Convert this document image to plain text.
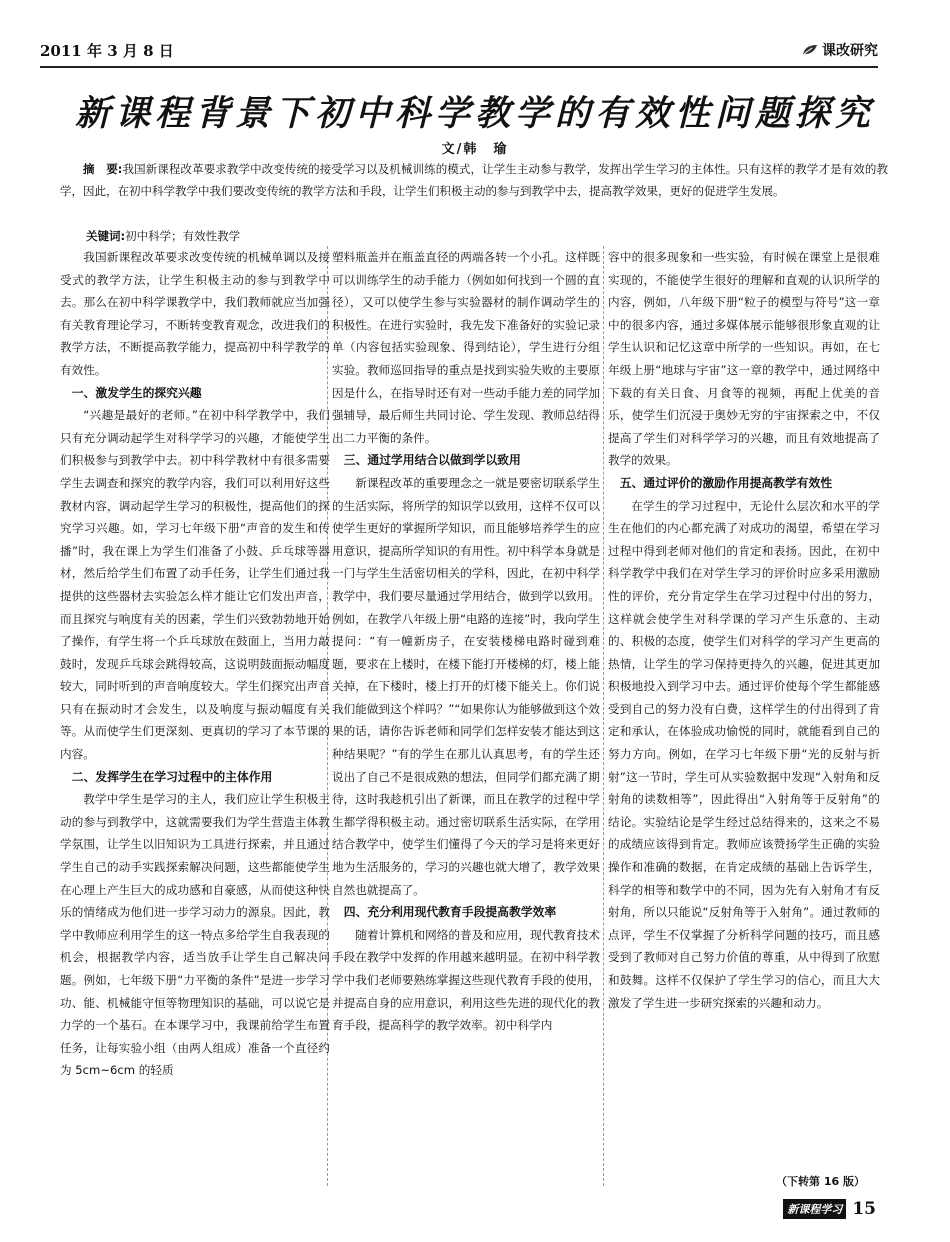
2011 年 3 月 8 日	课改研究
新课程背景下初中科学教学的有效性问题探究
文/韩　瑜
摘　要:我国新课程改革要求教学中改变传统的接受学习以及机械训练的模式，让学生主动参与教学，发挥出学生学习的主体性。只有这样的教学才是有效的教学，因此，在初中科学教学中我们要改变传统的教学方法和手段，让学生们积极主动的参与到教学中去，提高教学效果，更好的促进学生发展。
关键词:初中科学；有效性教学

我国新课程改革要求改变传统的机械单调以及接受式的教学方法，让学生积极主动的参与到教学中去。那么在初中科学课教学中，我们教师就应当加强有关教育理论学习，不断转变教育观念，改进我们的教学方法，不断提高教学能力，提高初中科学教学的有效性。

一、激发学生的探究兴趣

“兴趣是最好的老师。”在初中科学教学中，我们只有充分调动起学生对科学学习的兴趣，才能使学生们积极参与到教学中去。初中科学教材中有很多需要学生去调查和探究的教学内容，我们可以利用好这些教材内容，调动起学生学习的积极性，提高他们的探究学习兴趣。如，学习七年级下册“声音的发生和传播”时，我在课上为学生们准备了小鼓、乒乓球等器材，然后给学生们布置了动手任务，让学生们通过我提供的这些器材去实验怎么样才能让它们发出声音，而且探究与响度有关的因素，学生们兴致勃勃地开始了操作，有学生将一个乒乓球放在鼓面上，当用力敲鼓时，发现乒乓球会跳得较高，这说明鼓面振动幅度较大，同时听到的声音响度较大。学生们探究出声音只有在振动时才会发生，以及响度与振动幅度有关等。从而使学生们更深刻、更真切的学习了本节课的内容。

二、发挥学生在学习过程中的主体作用

教学中学生是学习的主人，我们应让学生积极主动的参与到教学中，这就需要我们为学生营造主体教学氛围，让学生以旧知识为工具进行探索，并且通过学生自己的动手实践探索解决问题，这些都能使学生在心理上产生巨大的成功感和自豪感，从而使这种快乐的情绪成为他们进一步学习动力的源泉。因此，教学中教师应利用学生的这一特点多给学生自我表现的机会，根据教学内容，适当放手让学生自己解决问题。例如，七年级下册“力平衡的条件”是进一步学习功、能、机械能守恒等物理知识的基础，可以说它是力学的一个基石。在本课学习中，我课前给学生布置任务，让每实验小组（由两人组成）准备一个直径约为 5cm~6cm 的轻质

塑料瓶盖并在瓶盖直径的两端各转一个小孔。这样既可以训练学生的动手能力（例如如何找到一个圆的直径），又可以使学生参与实验器材的制作调动学生的积极性。在进行实验时，我先发下准备好的实验记录单（内容包括实验现象、得到结论），学生进行分组实验。教师巡回指导的重点是找到实验失败的主要原因是什么，在指导时还有对一些动手能力差的同学加强辅导，最后师生共同讨论、学生发现、教师总结得出二力平衡的条件。

三、通过学用结合以做到学以致用

新课程改革的重要理念之一就是要密切联系学生的生活实际，将所学的知识学以致用，这样不仅可以使学生更好的掌握所学知识，而且能够培养学生的应用意识，提高所学知识的有用性。初中科学本身就是一门与学生生活密切相关的学科，因此，在初中科学教学中，我们要尽量通过学用结合，做到学以致用。例如，在教学八年级上册“电路的连接”时，我向学生提问：“有一幢新房子，在安装楼梯电路时碰到难题，要求在上楼时，在楼下能打开楼梯的灯，楼上能关掉，在下楼时，楼上打开的灯楼下能关上。你们说我们能做到这个样吗？”“如果你认为能够做到这个效果的话，请你告诉老师和同学们怎样安装才能达到这种结果呢？”有的学生在那儿认真思考，有的学生还说出了自己不是很成熟的想法，但同学们都充满了期待，这时我趁机引出了新课，而且在教学的过程中学生都学得积极主动。通过密切联系生活实际，在学用结合教学中，使学生们懂得了今天的学习是将来更好地为生活服务的，学习的兴趣也就大增了，教学效果自然也就提高了。

四、充分利用现代教育手段提高教学效率

随着计算机和网络的普及和应用，现代教育技术手段在教学中发挥的作用越来越明显。在初中科学教学中我们老师要熟练掌握这些现代教育手段的使用，并提高自身的应用意识，利用这些先进的现代化的教育手段，提高科学的教学效率。初中科学内

容中的很多现象和一些实验，有时候在课堂上是很难实现的，不能使学生很好的理解和直观的认识所学的内容，例如，八年级下册“粒子的模型与符号”这一章中的很多内容，通过多媒体展示能够很形象直观的让学生认识和记忆这章中所学的一些知识。再如，在七年级上册“地球与宇宙”这一章的教学中，通过网络中下载的有关日食、月食等的视频，再配上优美的音乐，使学生们沉浸于奥妙无穷的宇宙探索之中，不仅提高了学生们对科学学习的兴趣，而且有效地提高了教学的效果。

五、通过评价的激励作用提高教学有效性

在学生的学习过程中，无论什么层次和水平的学生在他们的内心都充满了对成功的渴望，希望在学习过程中得到老师对他们的肯定和表扬。因此，在初中科学教学中我们在对学生学习的评价时应多采用激励性的评价，充分肯定学生在学习过程中付出的努力，这样就会使学生对科学课的学习产生乐意的、主动的、积极的态度，使学生们对科学的学习产生更高的热情，让学生的学习保持更持久的兴趣，促进其更加积极地投入到学习中去。通过评价使每个学生都能感受到自己的努力没有白费，这样学生的付出得到了肯定和承认，在体验成功愉悦的同时，就能看到自己的努力方向。例如，在学习七年级下册“光的反射与折射”这一节时，学生可从实验数据中发现“入射角和反射角的读数相等”，因此得出“入射角等于反射角”的结论。实验结论是学生经过总结得来的，这来之不易的成绩应该得到肯定。教师应该赞扬学生正确的实验操作和准确的数据，在肯定成绩的基础上告诉学生，科学的相等和数学中的不同，因为先有入射角才有反射角，所以只能说“反射角等于入射角”。通过教师的点评，学生不仅掌握了分析科学问题的技巧，而且感受到了教师对自己努力价值的尊重，从中得到了欣慰和鼓舞。这样不仅保护了学生学习的信心，而且大大激发了学生进一步研究探索的兴趣和动力。

（下转第 16 版）
新课程学习 15
